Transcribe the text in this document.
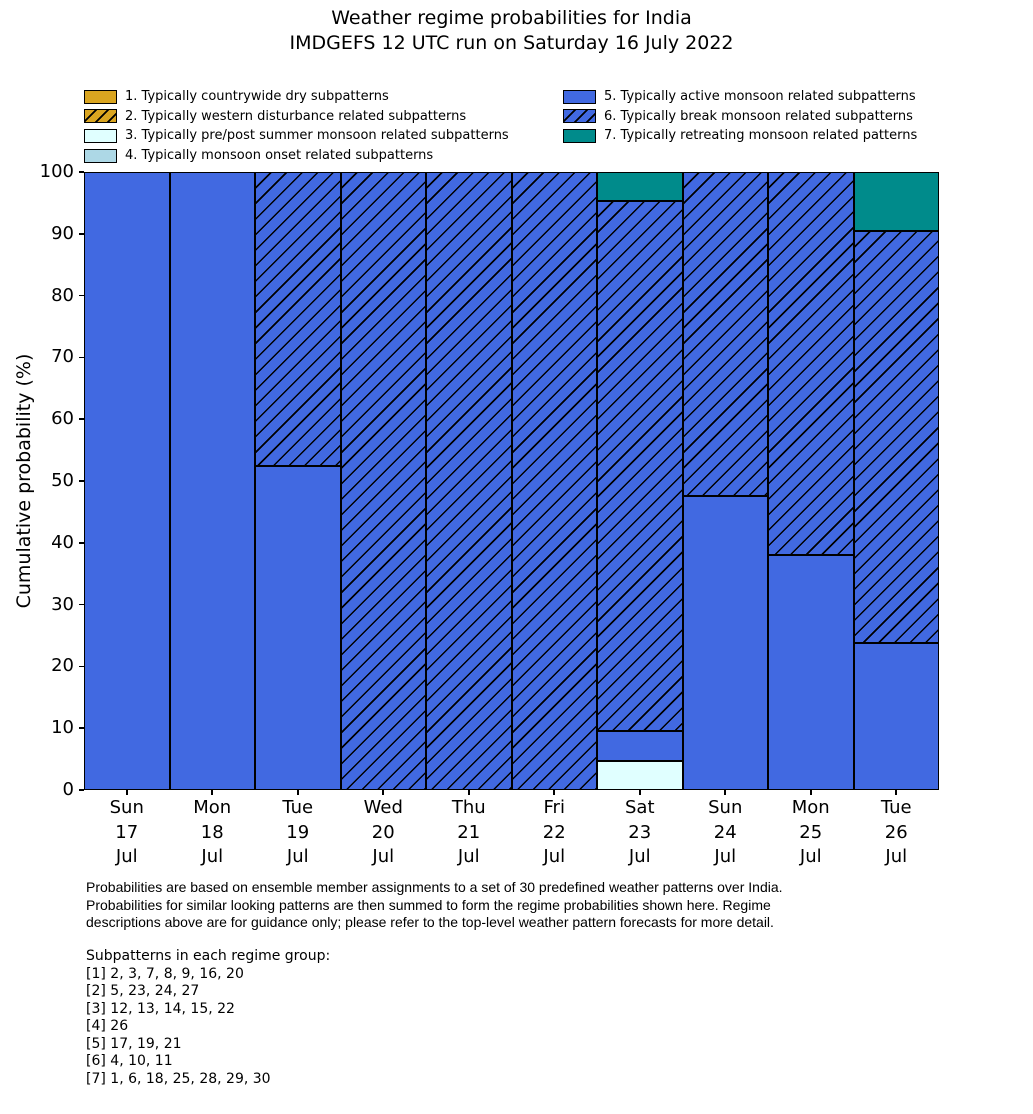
Weather regime probabilities for India
IMDGEFS 12 UTC run on Saturday 16 July 2022
1. Typically countrywide dry subpatterns
2. Typically western disturbance related subpatterns
3. Typically pre/post summer monsoon related subpatterns
4. Typically monsoon onset related subpatterns
5. Typically active monsoon related subpatterns
6. Typically break monsoon related subpatterns
7. Typically retreating monsoon related patterns
Cumulative probability (%)
0
10
20
30
40
50
60
70
80
90
100
Sun
17
Jul
Mon
18
Jul
Tue
19
Jul
Wed
20
Jul
Thu
21
Jul
Fri
22
Jul
Sat
23
Jul
Sun
24
Jul
Mon
25
Jul
Tue
26
Jul
Probabilities are based on ensemble member assignments to a set of 30 predefined weather patterns over India.
Probabilities for similar looking patterns are then summed to form the regime probabilities shown here. Regime
descriptions above are for guidance only; please refer to the top-level weather pattern forecasts for more detail.
Subpatterns in each regime group:
[1] 2, 3, 7, 8, 9, 16, 20
[2] 5, 23, 24, 27
[3] 12, 13, 14, 15, 22
[4] 26
[5] 17, 19, 21
[6] 4, 10, 11
[7] 1, 6, 18, 25, 28, 29, 30
